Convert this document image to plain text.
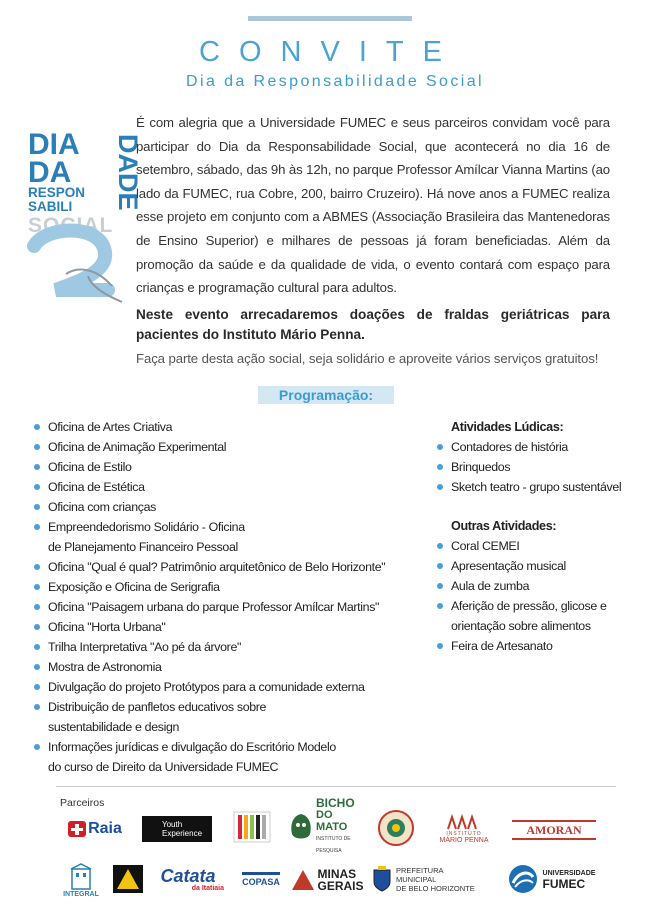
CONVITE
Dia da Responsabilidade Social
DIA
DA
RESPON
SABILI
SOCIAL
DADE
É com alegria que a Universidade FUMEC e seus parceiros convidam você para participar do Dia da Responsabilidade Social, que acontecerá no dia 16 de setembro, sábado, das 9h às 12h, no parque Professor Amílcar Vianna Martins (ao lado da FUMEC, rua Cobre, 200, bairro Cruzeiro). Há nove anos a FUMEC realiza esse projeto em conjunto com a ABMES (Associação Brasileira das Mantenedoras de Ensino Superior) e milhares de pessoas já foram beneficiadas. Além da promoção da saúde e da qualidade de vida, o evento contará com espaço para crianças e programação cultural para adultos.
Neste evento arrecadaremos doações de fraldas geriátricas para pacientes do Instituto Mário Penna.
Faça parte desta ação social, seja solidário e aproveite vários serviços gratuitos!
Programação:
Oficina de Artes Criativa
Oficina de Animação Experimental
Oficina de Estilo
Oficina de Estética
Oficina com crianças
Empreendedorismo Solidário - Oficina
de Planejamento Financeiro Pessoal
Oficina "Qual é qual? Patrimônio arquitetônico de Belo Horizonte"
Exposição e Oficina de Serigrafia
Oficina "Paisagem urbana do parque Professor Amílcar Martins"
Oficina "Horta Urbana"
Trilha Interpretativa "Ao pé da árvore"
Mostra de Astronomia
Divulgação do projeto Protótypos para a comunidade externa
Distribuição de panfletos educativos sobre
sustentabilidade e design
Informações jurídicas e divulgação do Escritório Modelo
do curso de Direito da Universidade FUMEC
Atividades Lúdicas:
Contadores de história
Brinquedos
Sketch teatro - grupo sustentável
Outras Atividades:
Coral CEMEI
Apresentação musical
Aula de zumba
Aferição de pressão, glicose e
orientação sobre alimentos
Feira de Artesanato
Parceiros
Raia	Youth
Experience
BICHO
DO MATO
INSTITUTO DE PESQUISA
INSTITUTO
MÁRIO PENNA
AMORAN
INTEGRAL
Catata
da Itatiaia
COPASA
MINAS
GERAIS
PREFEITURA MUNICIPAL
DE BELO HORIZONTE
UNIVERSIDADE
FUMEC
